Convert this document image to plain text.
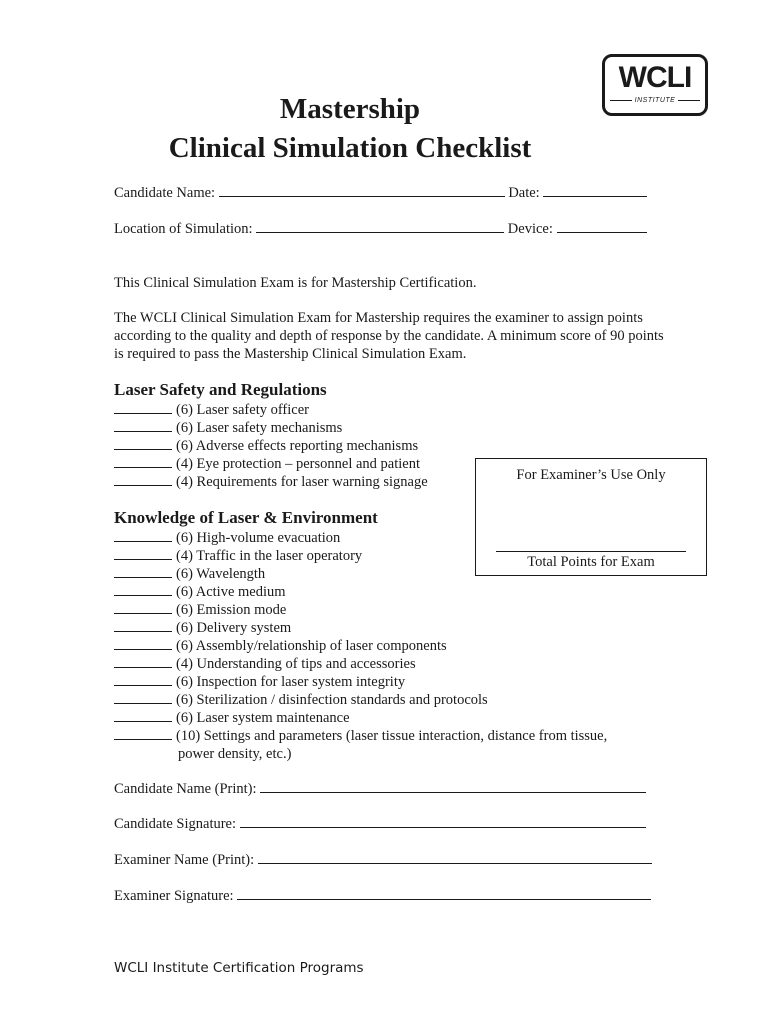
WCLI
INSTITUTE
Mastership
Clinical Simulation Checklist
Candidate Name:	Date:
Location of Simulation:	Device:
This Clinical Simulation Exam is for Mastership Certification.
The WCLI Clinical Simulation Exam for Mastership requires the examiner to assign points according to the quality and depth of response by the candidate. A minimum score of 90 points is required to pass the Mastership Clinical Simulation Exam.
Laser Safety and Regulations
(6) Laser safety officer
(6) Laser safety mechanisms
(6) Adverse effects reporting mechanisms
(4) Eye protection – personnel and patient
(4) Requirements for laser warning signage	For Examiner’s Use Only
Total Points for Exam
Knowledge of Laser & Environment
(6) High-volume evacuation
(4) Traffic in the laser operatory
(6) Wavelength
(6) Active medium
(6) Emission mode
(6) Delivery system
(6) Assembly/relationship of laser components
(4) Understanding of tips and accessories
(6) Inspection for laser system integrity
(6) Sterilization / disinfection standards and protocols
(6) Laser system maintenance
(10) Settings and parameters (laser tissue interaction, distance from tissue,
power density, etc.)
Candidate Name (Print):
Candidate Signature:
Examiner Name (Print):
Examiner Signature:
WCLI Institute Certification Programs
